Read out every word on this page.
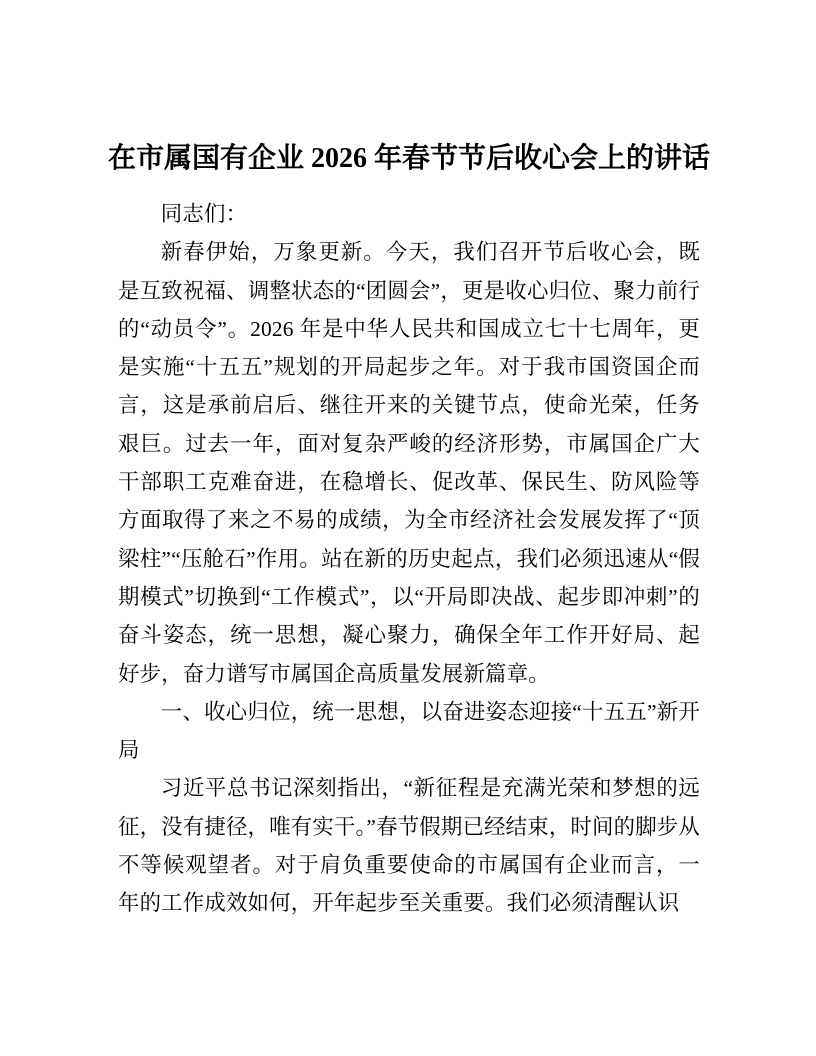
在市属国有企业 2026 年春节节后收心会上的讲话

同志们：

新春伊始，万象更新。今天，我们召开节后收心会，既是互致祝福、调整状态的“团圆会”，更是收心归位、聚力前行的“动员令”。2026 年是中华人民共和国成立七十七周年，更是实施“十五五”规划的开局起步之年。对于我市国资国企而言，这是承前启后、继往开来的关键节点，使命光荣，任务艰巨。过去一年，面对复杂严峻的经济形势，市属国企广大干部职工克难奋进，在稳增长、促改革、保民生、防风险等方面取得了来之不易的成绩，为全市经济社会发展发挥了“顶梁柱”“压舱石”作用。站在新的历史起点，我们必须迅速从“假期模式”切换到“工作模式”，以“开局即决战、起步即冲刺”的奋斗姿态，统一思想，凝心聚力，确保全年工作开好局、起好步，奋力谱写市属国企高质量发展新篇章。

一、收心归位，统一思想，以奋进姿态迎接“十五五”新开局

习近平总书记深刻指出，“新征程是充满光荣和梦想的远征，没有捷径，唯有实干。”春节假期已经结束，时间的脚步从不等候观望者。对于肩负重要使命的市属国有企业而言，一年的工作成效如何，开年起步至关重要。我们必须清醒认识
